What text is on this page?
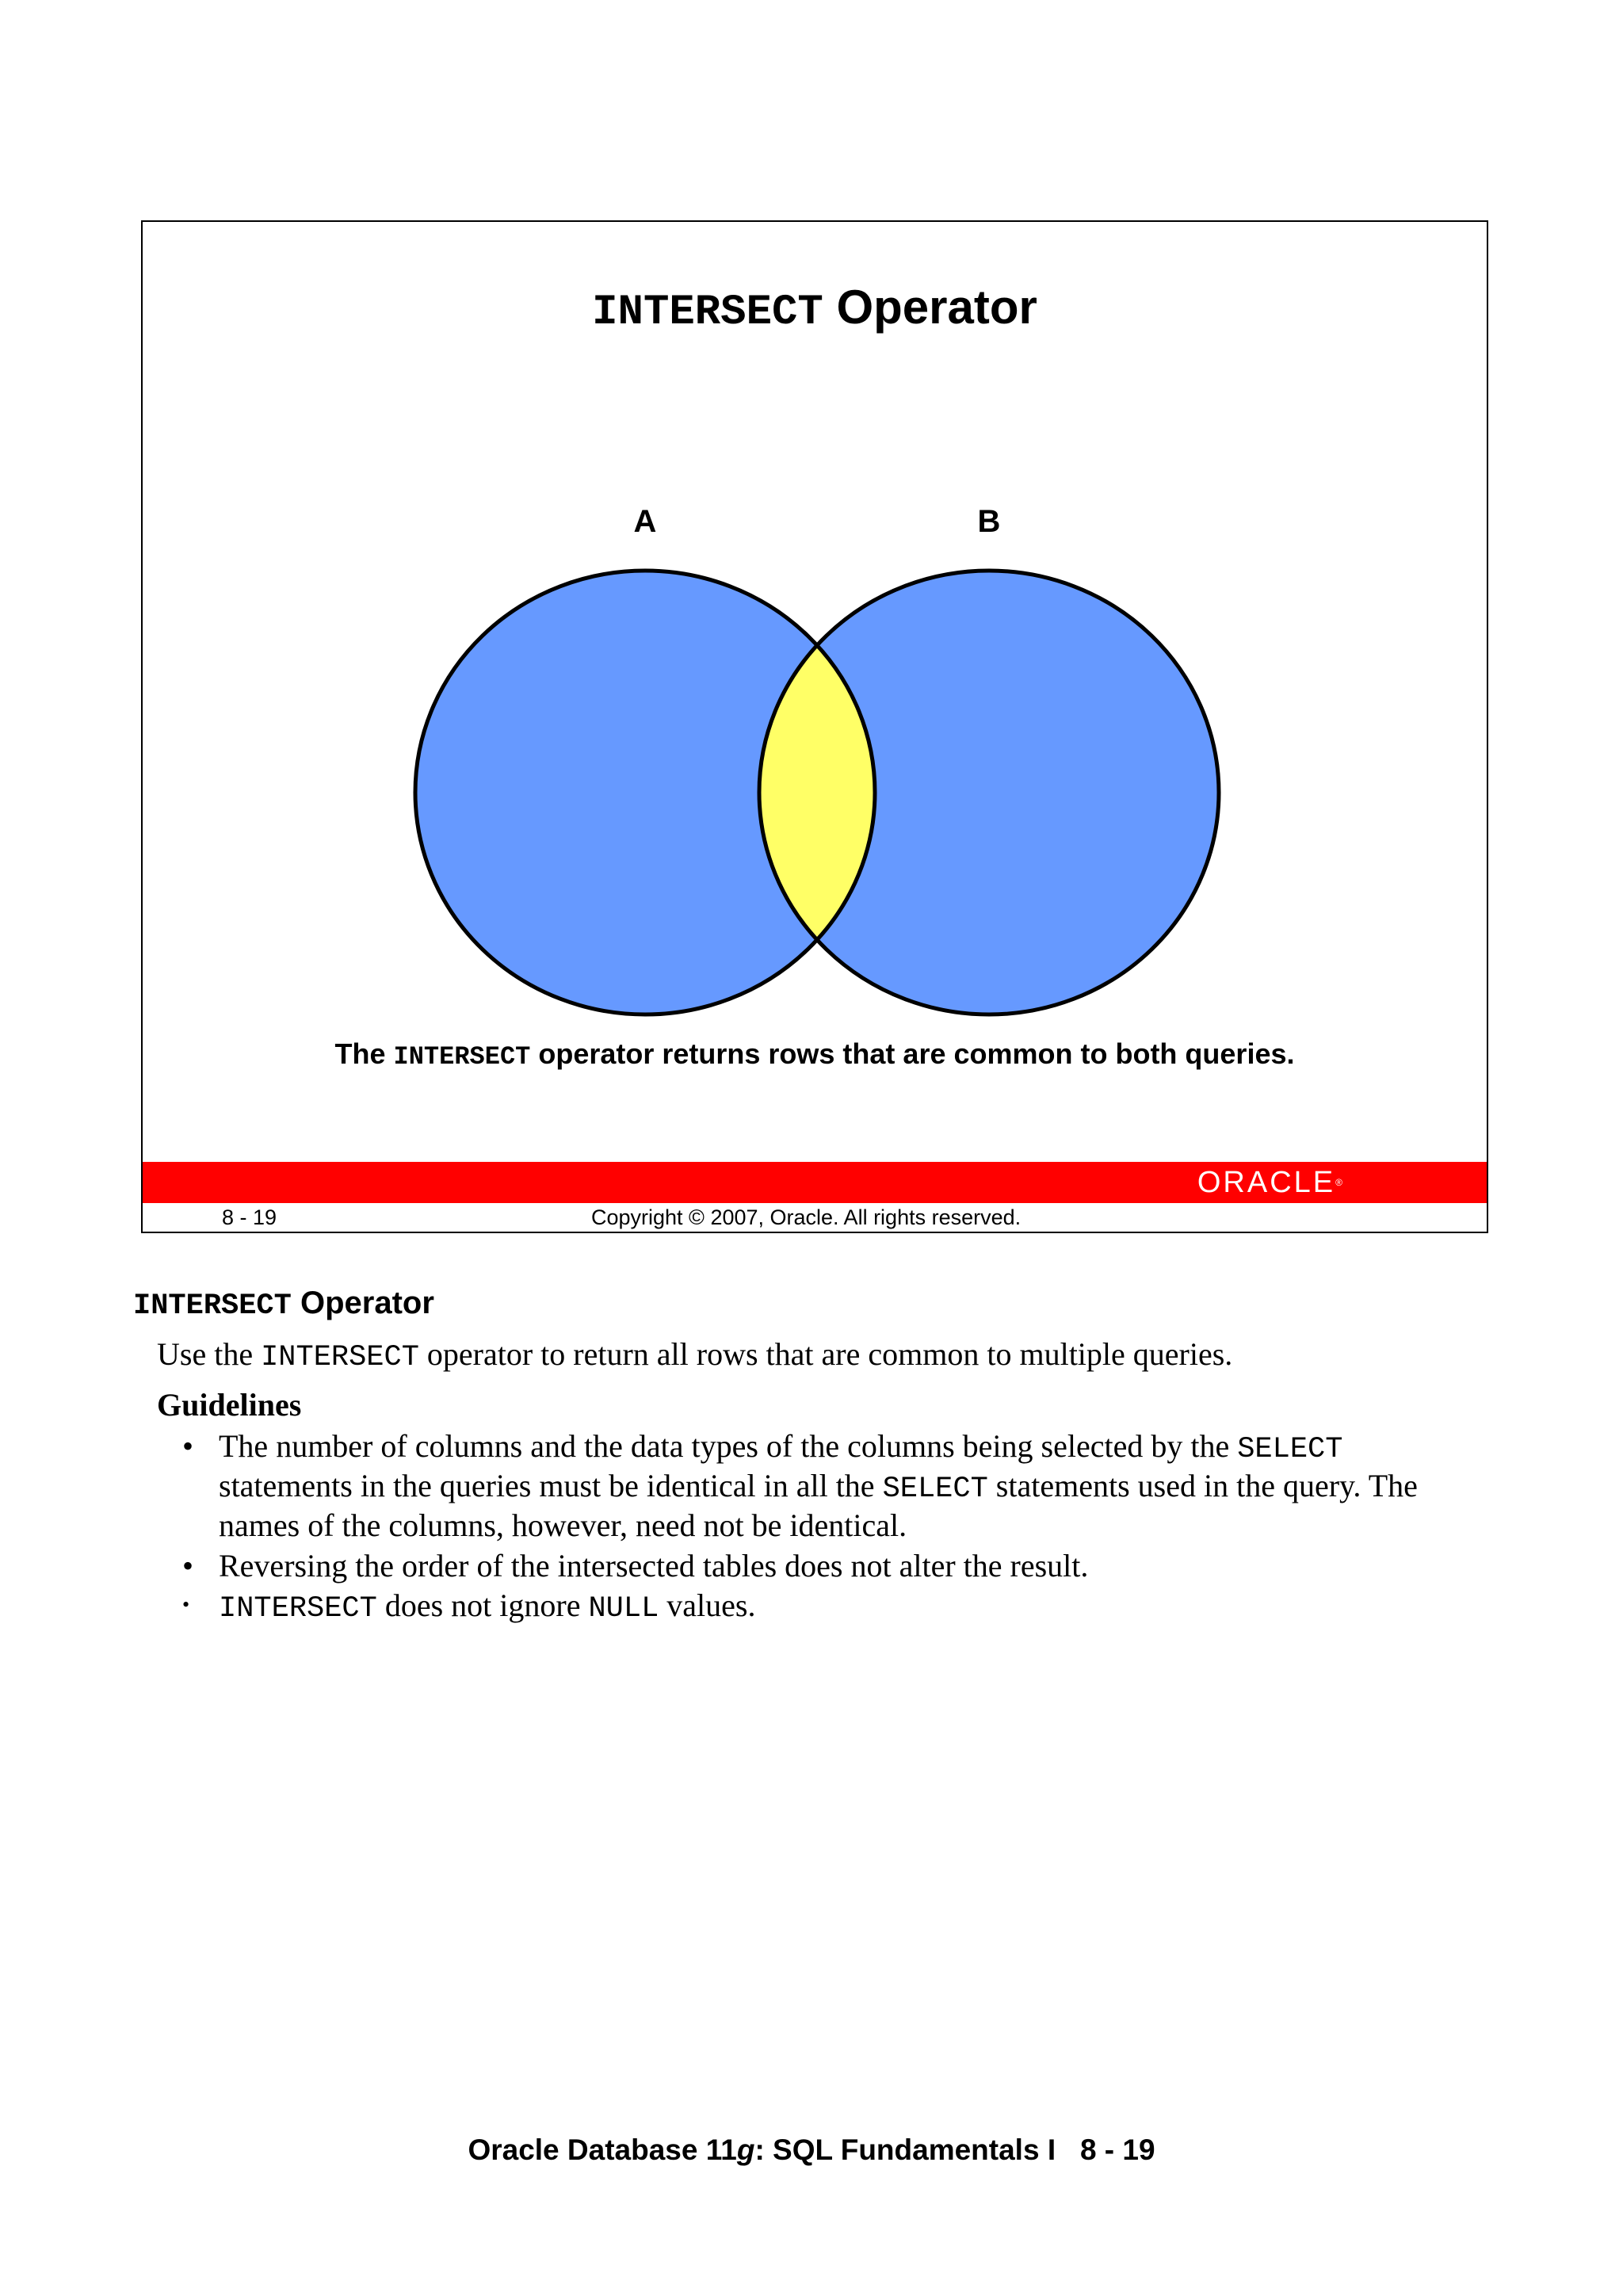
INTERSECT Operator
A	B
The INTERSECT operator returns rows that are common to both queries.
ORACLE®
8 - 19	Copyright © 2007, Oracle. All rights reserved.
INTERSECT Operator
Use the INTERSECT operator to return all rows that are common to multiple queries.
Guidelines
• The number of columns and the data types of the columns being selected by the SELECT
statements in the queries must be identical in all the SELECT statements used in the query. The
names of the columns, however, need not be identical.
• Reversing the order of the intersected tables does not alter the result.
• INTERSECT does not ignore NULL values.
Oracle Database 11g: SQL Fundamentals I   8 - 19
